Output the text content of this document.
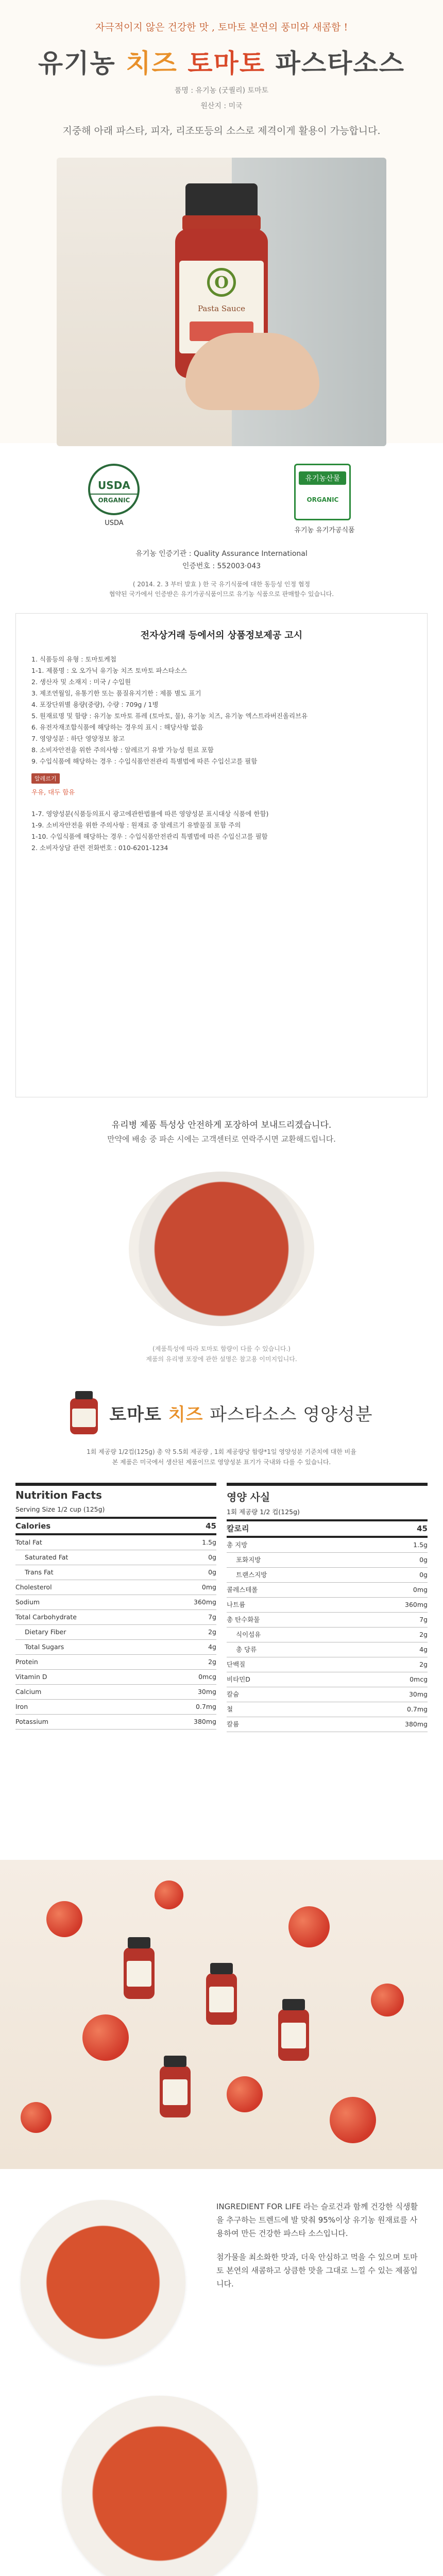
자극적이지 않은 건강한 맛 , 토마토 본연의 풍미와 새콤함 !
유기농 치즈 토마토 파스타소스
품명 : 유기농 (굿퀄리) 토마토
원산지 : 미국
지중해 아래 파스타, 피자, 리조또등의 소스로 제격이게 활용이 가능합니다.
O
Pasta Sauce
USDA
ORGANIC
USDA
유기농산물
ORGANIC
유기농 유기가공식품
유기농 인증기관 : Quality Assurance International
인증번호 : 552003·043
( 2014. 2. 3 부터 발효 ) 한 국 유기식품에 대한 동등성 인정 협정
협약된 국가에서 인증받은 유기가공식품이므로 유기농 식품으로 판매할수 있습니다.
전자상거래 등에서의 상품정보제공 고시

1. 식품등의 유형 : 토마토케첩

1-1. 제품명 : 오 오가닉 유기농 치즈 토마토 파스타소스

2. 생산자 및 소재지 : 미국 / 수입원

3. 제조연월일, 유통기한 또는 품질유지기한 : 제품 별도 표기

4. 포장단위별 용량(중량), 수량 : 709g / 1병

5. 원재료명 및 함량 : 유기농 토마토 퓨레 (토마토, 물), 유기농 치즈, 유기농 엑스트라버진올리브유

6. 유전자재조합식품에 해당하는 경우의 표시 : 해당사항 없음

7. 영양성분 : 하단 영양정보 참고

8. 소비자안전을 위한 주의사항 : 알레르기 유발 가능성 원료 포함

9. 수입식품에 해당하는 경우 : 수입식품안전관리 특별법에 따른 수입신고를 필함

알레르기
우유, 대두 함유

1-7. 영양성분(식품등의표시 광고에관한법률에 따른 영양성분 표시대상 식품에 한함)

1-9. 소비자안전을 위한 주의사항 : 원재료 중 알레르기 유발물질 포함 주의

1-10. 수입식품에 해당하는 경우 : 수입식품안전관리 특별법에 따른 수입신고를 필함

2. 소비자상담 관련 전화번호 : 010-6201-1234

유리병 제품 특성상 안전하게 포장하여 보내드리겠습니다.
만약에 배송 중 파손 시에는 고객센터로 연락주시면 교환해드립니다.
(제품특성에 따라 토마토 함량이 다를 수 있습니다.)
제품의 유리병 포장에 관한 설명은 참고용 이미지입니다.
토마토 치즈 파스타소스 영양성분
1회 제공량 1/2컵(125g) 총 약 5.5회 제공량 , 1회 제공량당 함량*1일 영양성분 기준치에 대한 비율
본 제품은 미국에서 생산된 제품이므로 영양성분 표기가 국내와 다를 수 있습니다.
Nutrition Facts
Serving Size 1/2 cup (125g)
Calories	45
Total Fat	1.5g
Saturated Fat	0g
Trans Fat	0g
Cholesterol	0mg
Sodium	360mg
Total Carbohydrate	7g
Dietary Fiber	2g
Total Sugars	4g
Protein	2g
Vitamin D	0mcg
Calcium	30mg
Iron	0.7mg
Potassium	380mg
영양 사실
1회 제공량 1/2 컵(125g)
칼로리	45
총 지방	1.5g
포화지방	0g
트랜스지방	0g
콜레스테롤	0mg
나트륨	360mg
총 탄수화물	7g
식이섬유	2g
총 당류	4g
단백질	2g
비타민D	0mcg
칼슘	30mg
철	0.7mg
칼륨	380mg

INGREDIENT FOR LIFE 라는 슬로건과 함께 건강한 식생활을 추구하는 트렌드에 발 맞춰 95%이상 유기농 원재료를 사용하여 만든 건강한 파스타 소스입니다.

첨가물을 최소화한 맛과, 더욱 안심하고 먹을 수 있으며 토마토 본연의 새콤하고 상큼한 맛을 그대로 느낄 수 있는 제품입니다.
